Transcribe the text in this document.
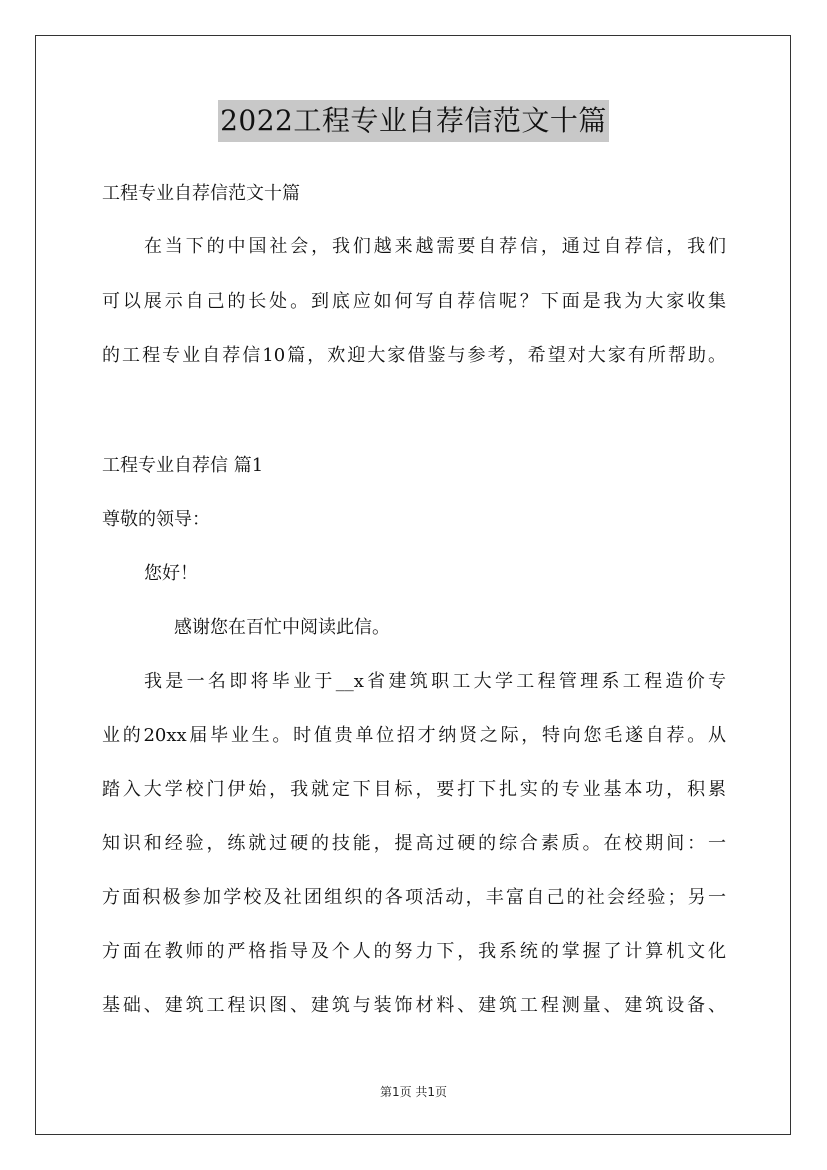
2022工程专业自荐信范文十篇
工程专业自荐信范文十篇
在当下的中国社会，我们越来越需要自荐信，通过自荐信，我们
可以展示自己的长处。到底应如何写自荐信呢？下面是我为大家收集
的工程专业自荐信10篇，欢迎大家借鉴与参考，希望对大家有所帮助。
工程专业自荐信 篇1
尊敬的领导：
您好！
感谢您在百忙中阅读此信。
我是一名即将毕业于__x省建筑职工大学工程管理系工程造价专
业的20xx届毕业生。时值贵单位招才纳贤之际，特向您毛遂自荐。从
踏入大学校门伊始，我就定下目标，要打下扎实的专业基本功，积累
知识和经验，练就过硬的技能，提高过硬的综合素质。在校期间：一
方面积极参加学校及社团组织的各项活动，丰富自己的社会经验；另一
方面在教师的严格指导及个人的努力下，我系统的掌握了计算机文化
基础、建筑工程识图、建筑与装饰材料、建筑工程测量、建筑设备、
第1页 共1页
